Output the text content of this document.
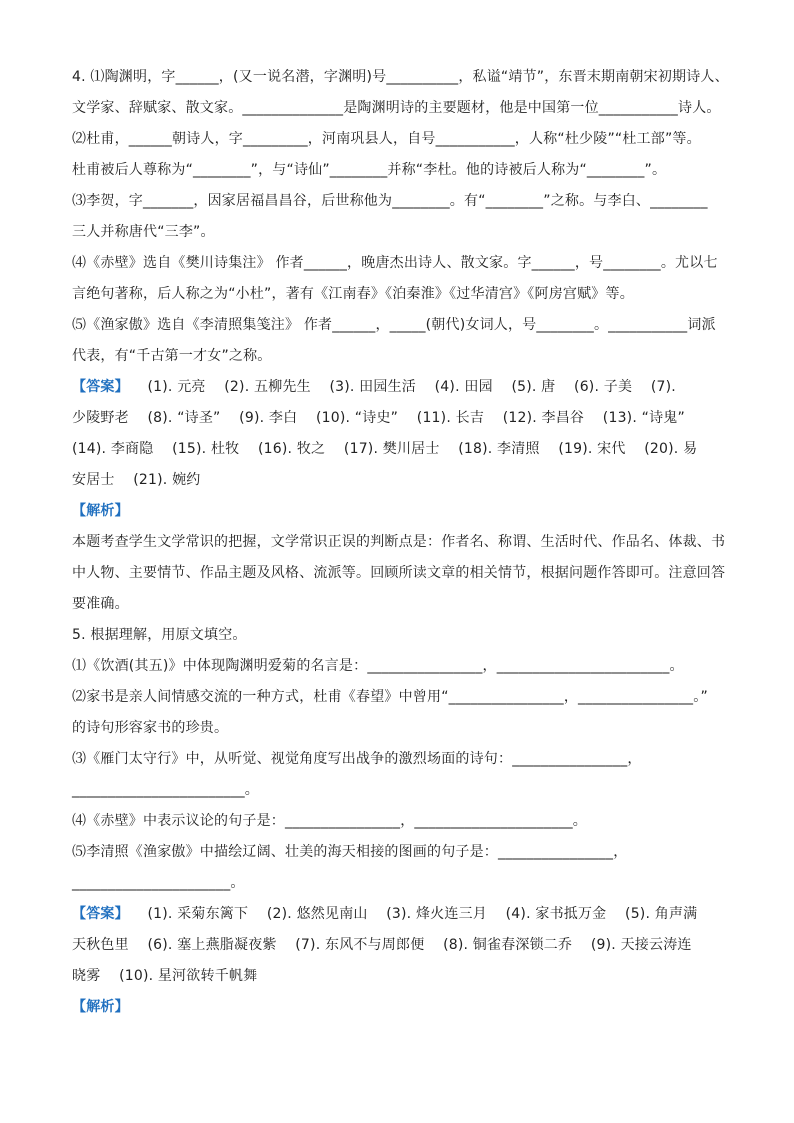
4. ⑴陶渊明，字______，(又一说名潜，字渊明)号__________，私谥“靖节”，东晋末期南朝宋初期诗人、
文学家、辞赋家、散文家。______________是陶渊明诗的主要题材，他是中国第一位___________诗人。
⑵杜甫，______朝诗人，字_________，河南巩县人，自号___________，人称“杜少陵”“杜工部”等。
杜甫被后人尊称为“________”，与“诗仙”________并称“李杜。他的诗被后人称为“________”。
⑶李贺，字_______，因家居福昌昌谷，后世称他为________。有“________”之称。与李白、________
三人并称唐代“三李”。
⑷《赤壁》选自《樊川诗集注》 作者______，晚唐杰出诗人、散文家。字______，号________。尤以七
言绝句著称，后人称之为“小杜”，著有《江南春》《泊秦淮》《过华清宫》《阿房宫赋》等。
⑸《渔家傲》选自《李清照集笺注》 作者______，_____(朝代)女词人，号________。___________词派
代表，有“千古第一才女”之称。
【答案】 (1). 元亮 (2). 五柳先生 (3). 田园生活 (4). 田园 (5). 唐 (6). 子美 (7).
少陵野老 (8). “诗圣” (9). 李白 (10). “诗史” (11). 长吉 (12). 李昌谷 (13). “诗鬼”
(14). 李商隐 (15). 杜牧 (16). 牧之 (17). 樊川居士 (18). 李清照 (19). 宋代 (20). 易
安居士 (21). 婉约
【解析】
本题考查学生文学常识的把握，文学常识正误的判断点是：作者名、称谓、生活时代、作品名、体裁、书
中人物、主要情节、作品主题及风格、流派等。回顾所读文章的相关情节，根据问题作答即可。注意回答
要准确。
5. 根据理解，用原文填空。
⑴《饮酒(其五)》中体现陶渊明爱菊的名言是：________________，________________________。
⑵家书是亲人间情感交流的一种方式，杜甫《春望》中曾用“________________，________________。”
的诗句形容家书的珍贵。
⑶《雁门太守行》中，从听觉、视觉角度写出战争的激烈场面的诗句：________________，
________________________。
⑷《赤壁》中表示议论的句子是：________________，______________________。
⑸李清照《渔家傲》中描绘辽阔、壮美的海天相接的图画的句子是：________________，
______________________。
【答案】 (1). 采菊东篱下 (2). 悠然见南山 (3). 烽火连三月 (4). 家书抵万金 (5). 角声满
天秋色里 (6). 塞上燕脂凝夜紫 (7). 东风不与周郎便 (8). 铜雀春深锁二乔 (9). 天接云涛连
晓雾 (10). 星河欲转千帆舞
【解析】
